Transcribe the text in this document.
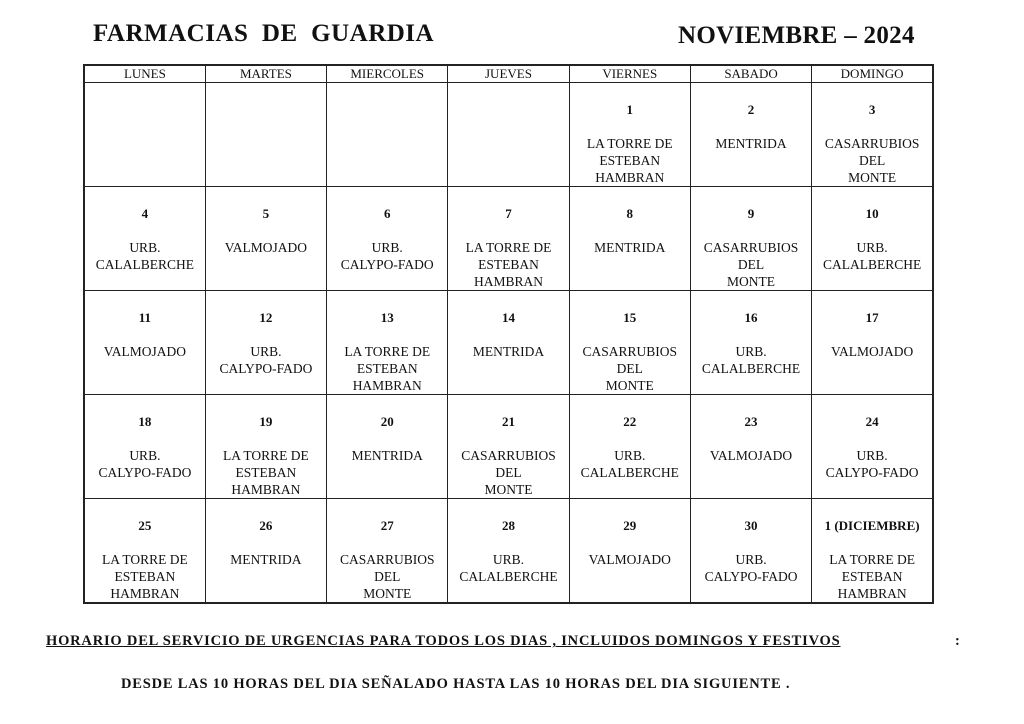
FARMACIAS  DE  GUARDIA	NOVIEMBRE – 2024
LUNES	MARTES	MIERCOLES	JUEVES	VIERNES	SABADO	DOMINGO

				1
LA TORRE DE
ESTEBAN
HAMBRAN	2
MENTRIDA	3
CASARRUBIOS
DEL
MONTE

4
URB.
CALALBERCHE	5
VALMOJADO	6
URB.
CALYPO-FADO	7
LA TORRE DE
ESTEBAN
HAMBRAN	8
MENTRIDA	9
CASARRUBIOS
DEL
MONTE	10
URB.
CALALBERCHE

11
VALMOJADO	12
URB.
CALYPO-FADO	13
LA TORRE DE
ESTEBAN
HAMBRAN	14
MENTRIDA	15
CASARRUBIOS
DEL
MONTE	16
URB.
CALALBERCHE	17
VALMOJADO

18
URB.
CALYPO-FADO	19
LA TORRE DE
ESTEBAN
HAMBRAN	20
MENTRIDA	21
CASARRUBIOS
DEL
MONTE	22
URB.
CALALBERCHE	23
VALMOJADO	24
URB.
CALYPO-FADO

25
LA TORRE DE
ESTEBAN
HAMBRAN	26
MENTRIDA	27
CASARRUBIOS
DEL
MONTE	28
URB.
CALALBERCHE	29
VALMOJADO	30
URB.
CALYPO-FADO	1 (DICIEMBRE)
LA TORRE DE
ESTEBAN
HAMBRAN
HORARIO DEL SERVICIO DE URGENCIAS PARA TODOS LOS DIAS , INCLUIDOS DOMINGOS Y FESTIVOS	:
DESDE LAS 10 HORAS DEL DIA SEÑALADO HASTA LAS 10 HORAS DEL DIA SIGUIENTE .
